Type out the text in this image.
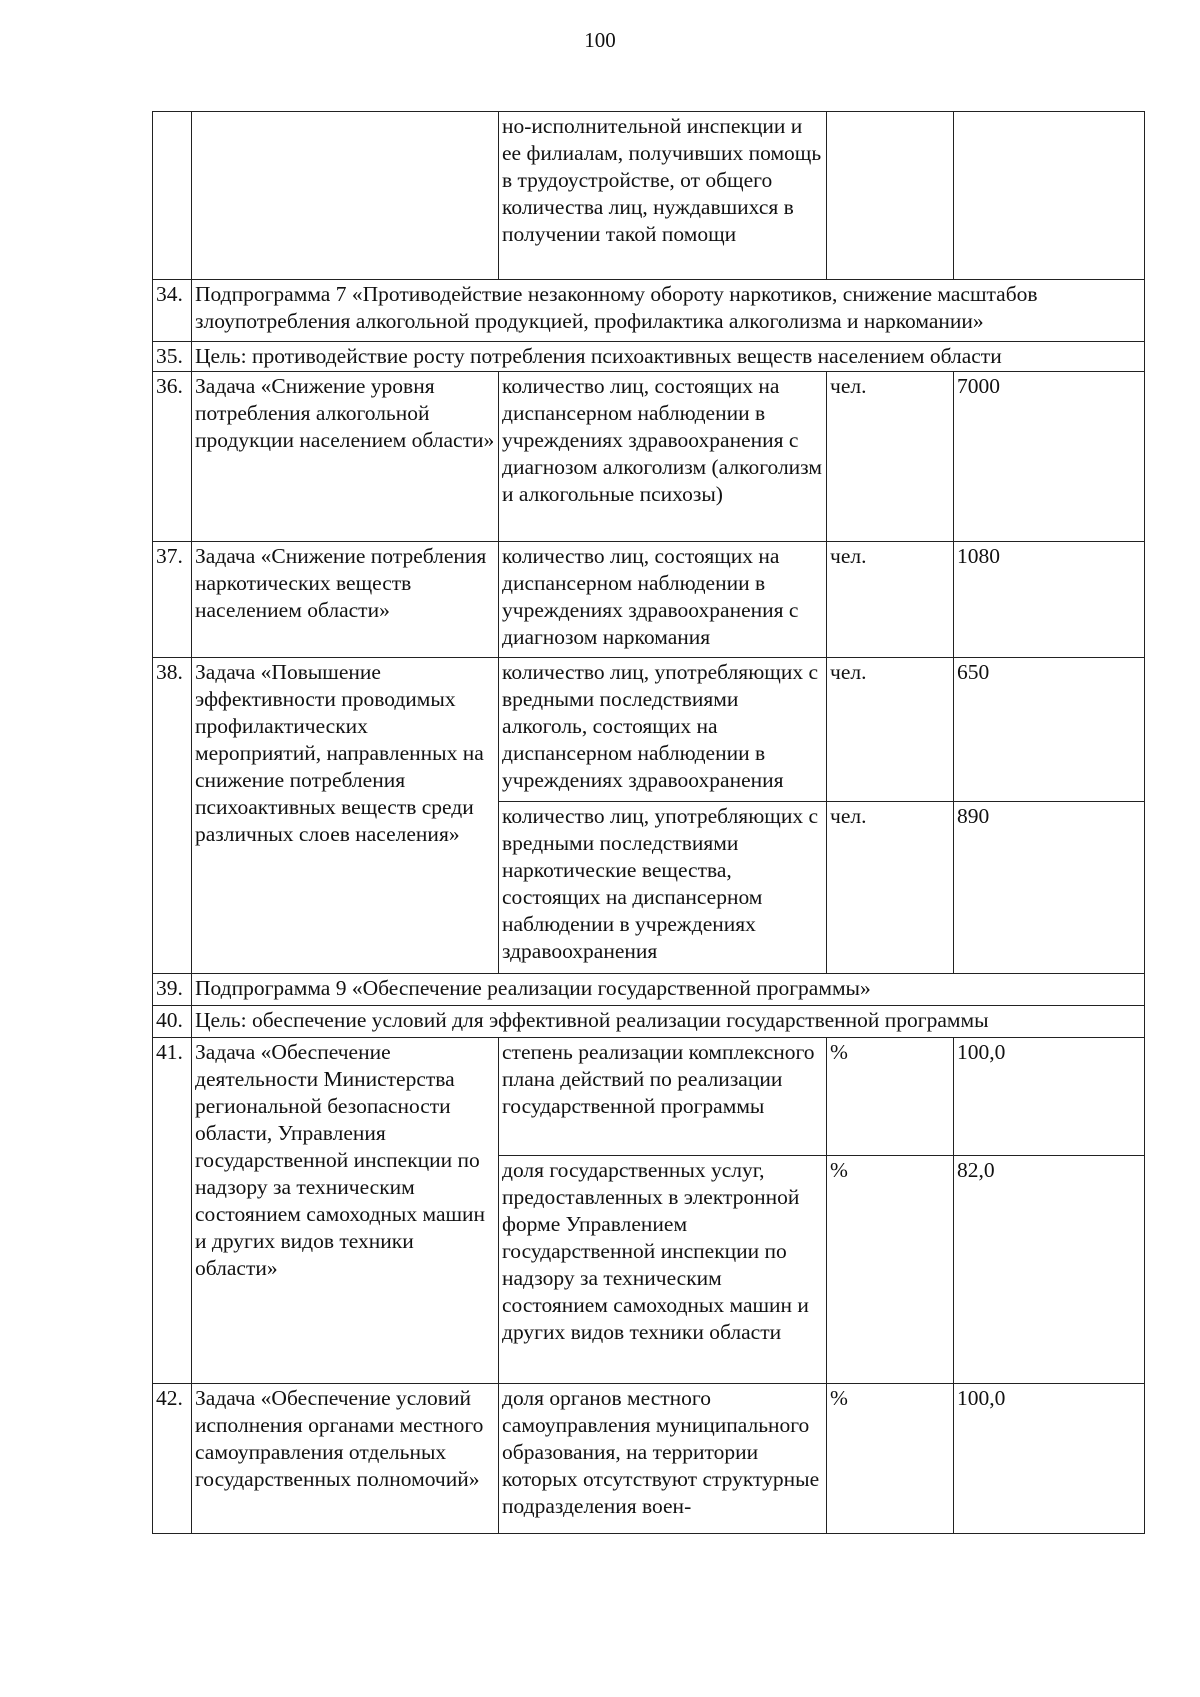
100
		но-исполнительной инспекции и ее филиалам, получивших помощь в трудоустройстве, от общего количества лиц, нуждавшихся в получении такой помощи		
34.	Подпрограмма 7 «Противодействие незаконному обороту наркотиков, снижение масштабов злоупотребления алкогольной продукцией, профилактика алкоголизма и наркомании»			
35.	Цель: противодействие росту потребления психоактивных веществ населением области			
36.	Задача «Снижение уровня потребления алкогольной продукции населением области»	количество лиц, состоящих на диспансерном наблюдении в учреждениях здравоохранения с диагнозом алкоголизм (алкоголизм и алкогольные психозы)	чел.	7000
37.	Задача «Снижение потребления наркотических веществ населением области»	количество лиц, состоящих на диспансерном наблюдении в учреждениях здравоохранения с диагнозом наркомания	чел.	1080
38.	Задача «Повышение эффективности проводимых профилактических мероприятий, направленных на снижение потребления психоактивных веществ среди различных слоев населения»	количество лиц, употребляющих с вредными последствиями алкоголь, состоящих на диспансерном наблюдении в учреждениях здравоохранения	чел.	650
		количество лиц, употребляющих с вредными последствиями наркотические вещества, состоящих на диспансерном наблюдении в учреждениях здравоохранения	чел.	890
39.	Подпрограмма 9 «Обеспечение реализации государственной программы»			
40.	Цель: обеспечение условий для эффективной реализации государственной программы			
41.	Задача «Обеспечение деятельности Министерства региональной безопасности области, Управления государственной инспекции по надзору за техническим состоянием самоходных машин и других видов техники области»	степень реализации комплексного плана действий по реализации государственной программы	%	100,0
		доля государственных услуг, предоставленных в электронной форме Управлением государственной инспекции по надзору за техническим состоянием самоходных машин и других видов техники области	%	82,0
42.	Задача «Обеспечение условий исполнения органами местного самоуправления отдельных государственных полномочий»	доля органов местного самоуправления муниципального образования, на территории которых отсутствуют структурные подразделения воен-	%	100,0
